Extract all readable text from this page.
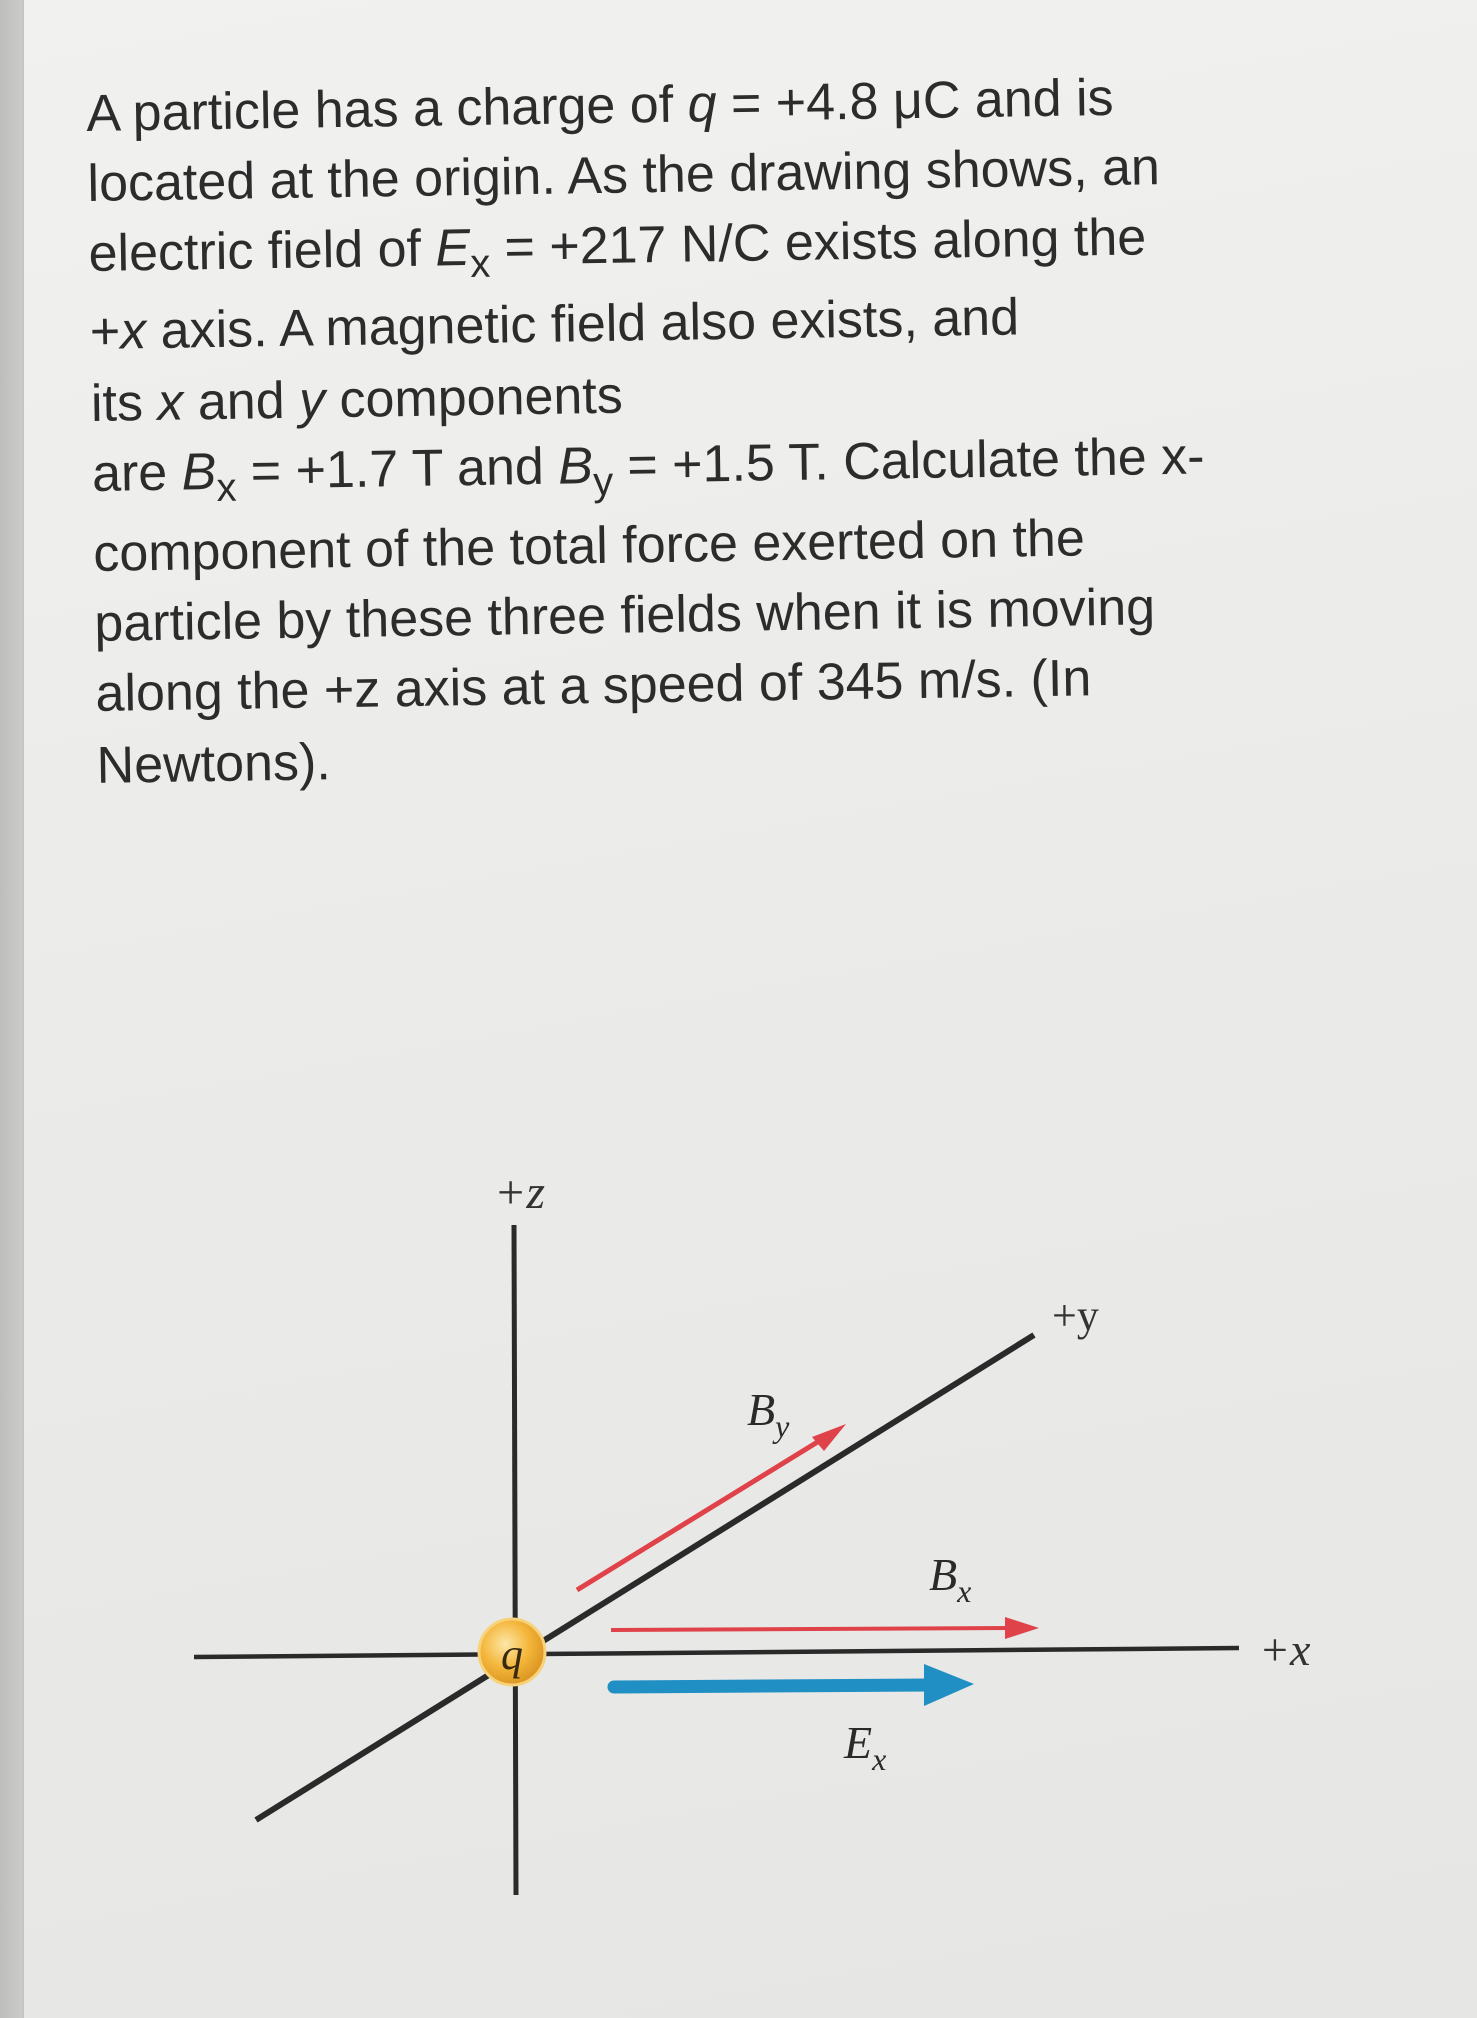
A particle has a charge of q = +4.8 μC and is
located at the origin. As the drawing shows, an
electric field of $E_x = +217$ N/C exists along the
+x axis. A magnetic field also exists, and
its x and y components
are $B_x = +1.7$ T and $B_y = +1.5$ T. Calculate the x-
component of the total force exerted on the
particle by these three fields when it is moving
along the +z axis at a speed of 345 m/s. (In
Newtons).
q
+z
+y
+x
$B_y$
$B_x$
$E_x$
